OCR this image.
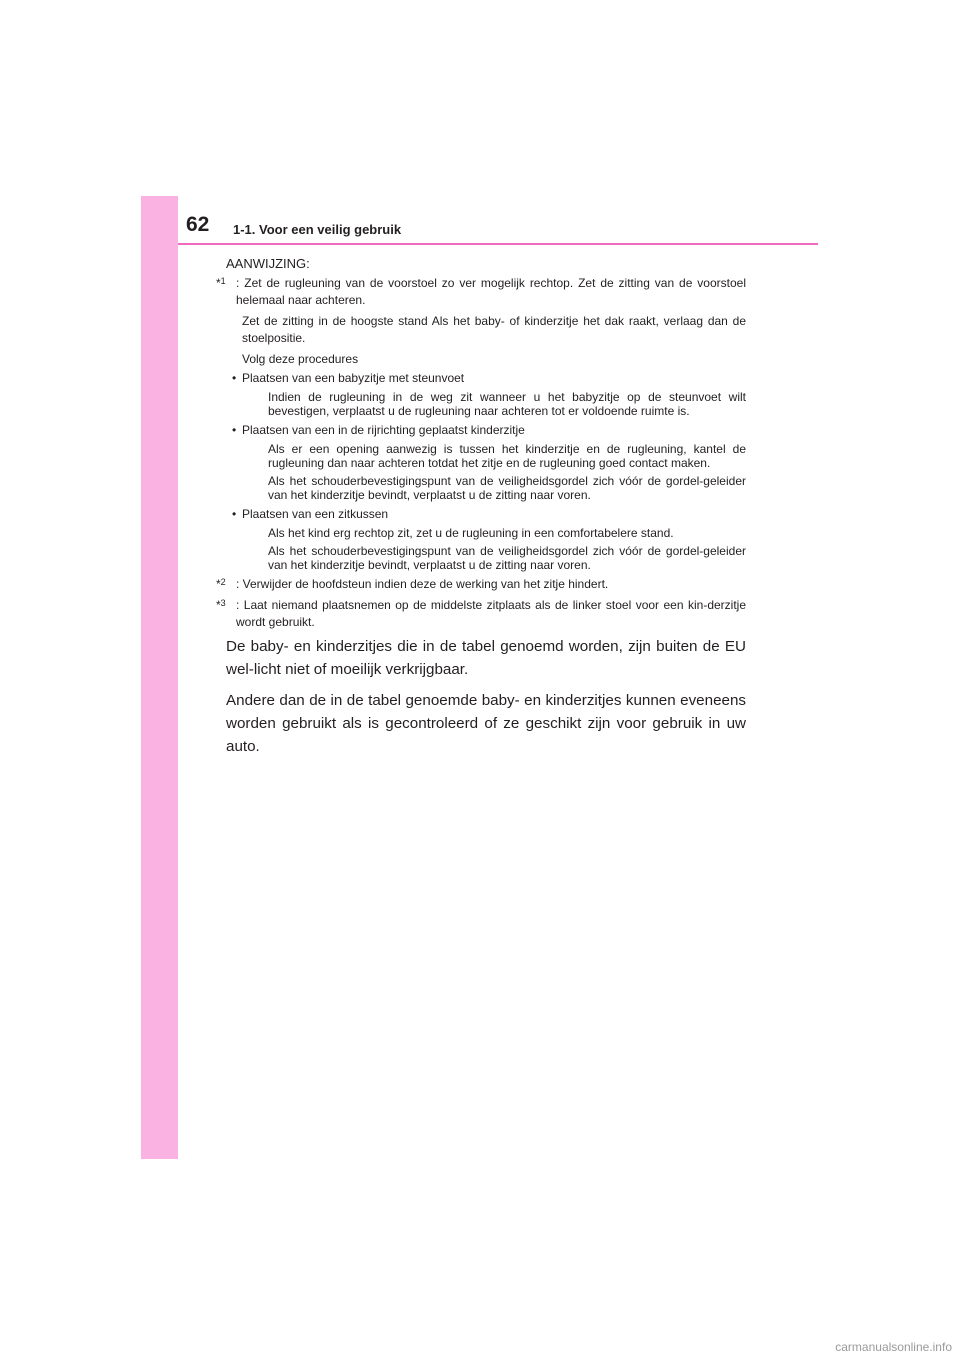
62 1-1. Voor een veilig gebruik
AANWIJZING:
*$^1$ : Zet de rugleuning van de voorstoel zo ver mogelijk rechtop. Zet de zitting van de voorstoel helemaal naar achteren.

Zet de zitting in de hoogste stand Als het baby- of kinderzitje het dak raakt, verlaag dan de stoelpositie.

Volg deze procedures

• Plaatsen van een babyzitje met steunvoet

Indien de rugleuning in de weg zit wanneer u het babyzitje op de steunvoet wilt bevestigen, verplaatst u de rugleuning naar achteren tot er voldoende ruimte is.

• Plaatsen van een in de rijrichting geplaatst kinderzitje

Als er een opening aanwezig is tussen het kinderzitje en de rugleuning, kantel de rugleuning dan naar achteren totdat het zitje en de rugleuning goed contact maken.

Als het schouderbevestigingspunt van de veiligheidsgordel zich vóór de gordel-geleider van het kinderzitje bevindt, verplaatst u de zitting naar voren.

• Plaatsen van een zitkussen

Als het kind erg rechtop zit, zet u de rugleuning in een comfortabelere stand.

Als het schouderbevestigingspunt van de veiligheidsgordel zich vóór de gordel-geleider van het kinderzitje bevindt, verplaatst u de zitting naar voren.

*$^2$ : Verwijder de hoofdsteun indien deze de werking van het zitje hindert.

*$^3$ : Laat niemand plaatsnemen op de middelste zitplaats als de linker stoel voor een kin-derzitje wordt gebruikt.

De baby- en kinderzitjes die in de tabel genoemd worden, zijn buiten de EU wel-licht niet of moeilijk verkrijgbaar.

Andere dan de in de tabel genoemde baby- en kinderzitjes kunnen eveneens worden gebruikt als is gecontroleerd of ze geschikt zijn voor gebruik in uw auto.

carmanualsonline.info
